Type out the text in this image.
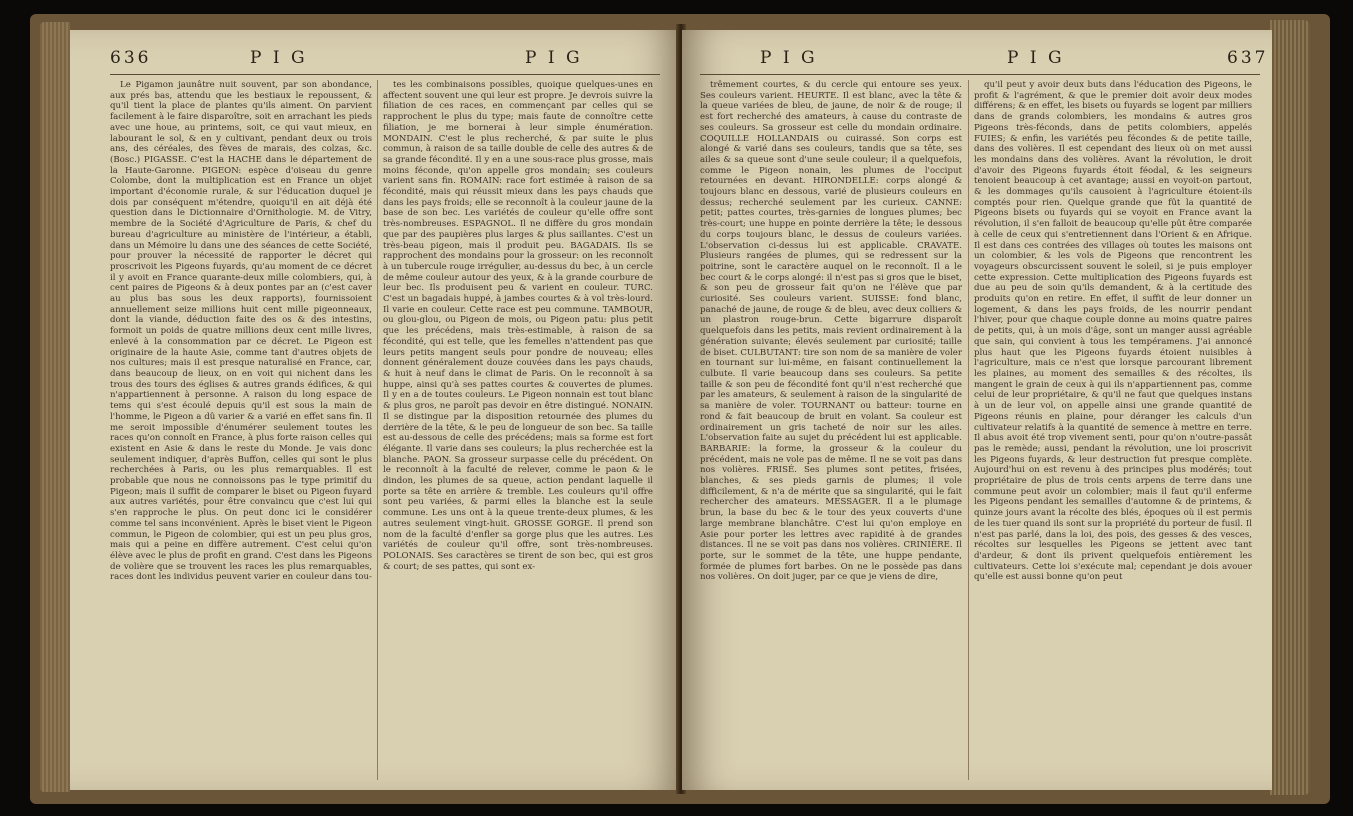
636	P I G	P I G

Le Pigamon jaunâtre nuit souvent, par son abondance, aux prés bas, attendu que les bestiaux le repoussent, & qu'il tient la place de plantes qu'ils aiment. On parvient facilement à le faire disparoître, soit en arrachant les pieds avec une houe, au printems, soit, ce qui vaut mieux, en labourant le sol, & en y cultivant, pendant deux ou trois ans, des céréales, des fèves de marais, des colzas, &c. (Bosc.) PIGASSE. C'est la HACHE dans le département de la Haute-Garonne. PIGEON: espèce d'oiseau du genre Colombe, dont la multiplication est en France un objet important d'économie rurale, & sur l'éducation duquel je dois par conséquent m'étendre, quoiqu'il en ait déjà été question dans le Dictionnaire d'Ornithologie. M. de Vitry, membre de la Société d'Agriculture de Paris, & chef du bureau d'agriculture au ministère de l'intérieur, a établi, dans un Mémoire lu dans une des séances de cette Société, pour prouver la nécessité de rapporter le décret qui proscrivoit les Pigeons fuyards, qu'au moment de ce décret il y avoit en France quarante-deux mille colombiers, qui, à cent paires de Pigeons & à deux pontes par an (c'est caver au plus bas sous les deux rapports), fournissoient annuellement seize millions huit cent mille pigeonneaux, dont la viande, déduction faite des os & des intestins, formoit un poids de quatre millions deux cent mille livres, enlevé à la consommation par ce décret. Le Pigeon est originaire de la haute Asie, comme tant d'autres objets de nos cultures; mais il est presque naturalisé en France, car, dans beaucoup de lieux, on en voit qui nichent dans les trous des tours des églises & autres grands édifices, & qui n'appartiennent à personne. A raison du long espace de tems qui s'est écoulé depuis qu'il est sous la main de l'homme, le Pigeon a dû varier & a varié en effet sans fin. Il me seroit impossible d'énumérer seulement toutes les races qu'on connoît en France, à plus forte raison celles qui existent en Asie & dans le reste du Monde. Je vais donc seulement indiquer, d'après Buffon, celles qui sont le plus recherchées à Paris, ou les plus remarquables. Il est probable que nous ne connoissons pas le type primitif du Pigeon; mais il suffit de comparer le biset ou Pigeon fuyard aux autres variétés, pour être convaincu que c'est lui qui s'en rapproche le plus. On peut donc ici le considérer comme tel sans inconvénient. Après le biset vient le Pigeon commun, le Pigeon de colombier, qui est un peu plus gros, mais qui a peine en diffère autrement. C'est celui qu'on élève avec le plus de profit en grand. C'est dans les Pigeons de volière que se trouvent les races les plus remarquables, races dont les individus peuvent varier en couleur dans tou-

tes les combinaisons possibles, quoique quelques-unes en affectent souvent une qui leur est propre. Je devrois suivre la filiation de ces races, en commençant par celles qui se rapprochent le plus du type; mais faute de connoître cette filiation, je me bornerai à leur simple énumération. MONDAIN. C'est le plus recherché, & par suite le plus commun, à raison de sa taille double de celle des autres & de sa grande fécondité. Il y en a une sous-race plus grosse, mais moins féconde, qu'on appelle gros mondain; ses couleurs varient sans fin. ROMAIN: race fort estimée à raison de sa fécondité, mais qui réussit mieux dans les pays chauds que dans les pays froids; elle se reconnoît à la couleur jaune de la base de son bec. Les variétés de couleur qu'elle offre sont très-nombreuses. ESPAGNOL. Il ne diffère du gros mondain que par des paupières plus larges & plus saillantes. C'est un très-beau pigeon, mais il produit peu. BAGADAIS. Ils se rapprochent des mondains pour la grosseur: on les reconnoît à un tubercule rouge irrégulier, au-dessus du bec, à un cercle de même couleur autour des yeux, & à la grande courbure de leur bec. Ils produisent peu & varient en couleur. TURC. C'est un bagadais huppé, à jambes courtes & à vol très-lourd. Il varie en couleur. Cette race est peu commune. TAMBOUR, ou glou-glou, ou Pigeon de mois, ou Pigeon patu: plus petit que les précédens, mais très-estimable, à raison de sa fécondité, qui est telle, que les femelles n'attendent pas que leurs petits mangent seuls pour pondre de nouveau; elles donnent généralement douze couvées dans les pays chauds, & huit à neuf dans le climat de Paris. On le reconnoît à sa huppe, ainsi qu'à ses pattes courtes & couvertes de plumes. Il y en a de toutes couleurs. Le Pigeon nonnain est tout blanc & plus gros, ne paroît pas devoir en être distingué. NONAIN. Il se distingue par la disposition retournée des plumes du derrière de la tête, & le peu de longueur de son bec. Sa taille est au-dessous de celle des précédens; mais sa forme est fort élégante. Il varie dans ses couleurs; la plus recherchée est la blanche. PAON. Sa grosseur surpasse celle du précédent. On le reconnoît à la faculté de relever, comme le paon & le dindon, les plumes de sa queue, action pendant laquelle il porte sa tête en arrière & tremble. Les couleurs qu'il offre sont peu variées, & parmi elles la blanche est la seule commune. Les uns ont à la queue trente-deux plumes, & les autres seulement vingt-huit. GROSSE GORGE. Il prend son nom de la faculté d'enfler sa gorge plus que les autres. Les variétés de couleur qu'il offre, sont très-nombreuses. POLONAIS. Ses caractères se tirent de son bec, qui est gros & court; de ses pattes, qui sont ex-

P I G	P I G	637

trêmement courtes, & du cercle qui entoure ses yeux. Ses couleurs varient. HEURTE. Il est blanc, avec la tête & la queue variées de bleu, de jaune, de noir & de rouge; il est fort recherché des amateurs, à cause du contraste de ses couleurs. Sa grosseur est celle du mondain ordinaire. COQUILLE HOLLANDAIS ou cuirassé. Son corps est alongé & varié dans ses couleurs, tandis que sa tête, ses ailes & sa queue sont d'une seule couleur; il a quelquefois, comme le Pigeon nonain, les plumes de l'occiput retournées en devant. HIRONDELLE: corps alongé & toujours blanc en dessous, varié de plusieurs couleurs en dessus; recherché seulement par les curieux. CANNE: petit; pattes courtes, très-garnies de longues plumes; bec très-court; une huppe en pointe derrière la tête; le dessous du corps toujours blanc, le dessus de couleurs variées. L'observation ci-dessus lui est applicable. CRAVATE. Plusieurs rangées de plumes, qui se redressent sur la poitrine, sont le caractère auquel on le reconnoît. Il a le bec court & le corps alongé: il n'est pas si gros que le biset, & son peu de grosseur fait qu'on ne l'élève que par curiosité. Ses couleurs varient. SUISSE: fond blanc, panaché de jaune, de rouge & de bleu, avec deux colliers & un plastron rouge-brun. Cette bigarrure disparoît quelquefois dans les petits, mais revient ordinairement à la génération suivante; élevés seulement par curiosité; taille de biset. CULBUTANT: tire son nom de sa manière de voler en tournant sur lui-même, en faisant continuellement la culbute. Il varie beaucoup dans ses couleurs. Sa petite taille & son peu de fécondité font qu'il n'est recherché que par les amateurs, & seulement à raison de la singularité de sa manière de voler. TOURNANT ou batteur: tourne en rond & fait beaucoup de bruit en volant. Sa couleur est ordinairement un gris tacheté de noir sur les ailes. L'observation faite au sujet du précédent lui est applicable. BARBARIE: la forme, la grosseur & la couleur du précédent, mais ne vole pas de même. Il ne se voit pas dans nos volières. FRISÉ. Ses plumes sont petites, frisées, blanches, & ses pieds garnis de plumes; il vole difficilement, & n'a de mérite que sa singularité, qui le fait rechercher des amateurs. MESSAGER. Il a le plumage brun, la base du bec & le tour des yeux couverts d'une large membrane blanchâtre. C'est lui qu'on employe en Asie pour porter les lettres avec rapidité à de grandes distances. Il ne se voit pas dans nos volières. CRINIÈRE. Il porte, sur le sommet de la tête, une huppe pendante, formée de plumes fort barbes. On ne le possède pas dans nos volières. On doit juger, par ce que je viens de dire,

qu'il peut y avoir deux buts dans l'éducation des Pigeons, le profit & l'agrément, & que le premier doit avoir deux modes différens; & en effet, les bisets ou fuyards se logent par milliers dans de grands colombiers, les mondains & autres gros Pigeons très-féconds, dans de petits colombiers, appelés FUIES; & enfin, les variétés peu fécondes & de petite taille, dans des volières. Il est cependant des lieux où on met aussi les mondains dans des volières. Avant la révolution, le droit d'avoir des Pigeons fuyards étoit féodal, & les seigneurs tenoient beaucoup à cet avantage; aussi en voyoit-on partout, & les dommages qu'ils causoient à l'agriculture étoient-ils comptés pour rien. Quelque grande que fût la quantité de Pigeons bisets ou fuyards qui se voyoit en France avant la révolution, il s'en falloit de beaucoup qu'elle pût être comparée à celle de ceux qui s'entretiennent dans l'Orient & en Afrique. Il est dans ces contrées des villages où toutes les maisons ont un colombier, & les vols de Pigeons que rencontrent les voyageurs obscurcissent souvent le soleil, si je puis employer cette expression. Cette multiplication des Pigeons fuyards est due au peu de soin qu'ils demandent, & à la certitude des produits qu'on en retire. En effet, il suffit de leur donner un logement, & dans les pays froids, de les nourrir pendant l'hiver, pour que chaque couple donne au moins quatre paires de petits, qui, à un mois d'âge, sont un manger aussi agréable que sain, qui convient à tous les tempéramens. J'ai annoncé plus haut que les Pigeons fuyards étoient nuisibles à l'agriculture, mais ce n'est que lorsque parcourant librement les plaines, au moment des semailles & des récoltes, ils mangent le grain de ceux à qui ils n'appartiennent pas, comme celui de leur propriétaire, & qu'il ne faut que quelques instans à un de leur vol, on appelle ainsi une grande quantité de Pigeons réunis en plaine, pour déranger les calculs d'un cultivateur relatifs à la quantité de semence à mettre en terre. Il abus avoit été trop vivement senti, pour qu'on n'outre-passât pas le remède; aussi, pendant la révolution, une loi proscrivit les Pigeons fuyards, & leur destruction fut presque complète. Aujourd'hui on est revenu à des principes plus modérés; tout propriétaire de plus de trois cents arpens de terre dans une commune peut avoir un colombier; mais il faut qu'il enferme les Pigeons pendant les semailles d'automne & de printems, & quinze jours avant la récolte des blés, époques où il est permis de les tuer quand ils sont sur la propriété du porteur de fusil. Il n'est pas parlé, dans la loi, des pois, des gesses & des vesces, récoltes sur lesquelles les Pigeons se jettent avec tant d'ardeur, & dont ils privent quelquefois entièrement les cultivateurs. Cette loi s'exécute mal; cependant je dois avouer qu'elle est aussi bonne qu'on peut
